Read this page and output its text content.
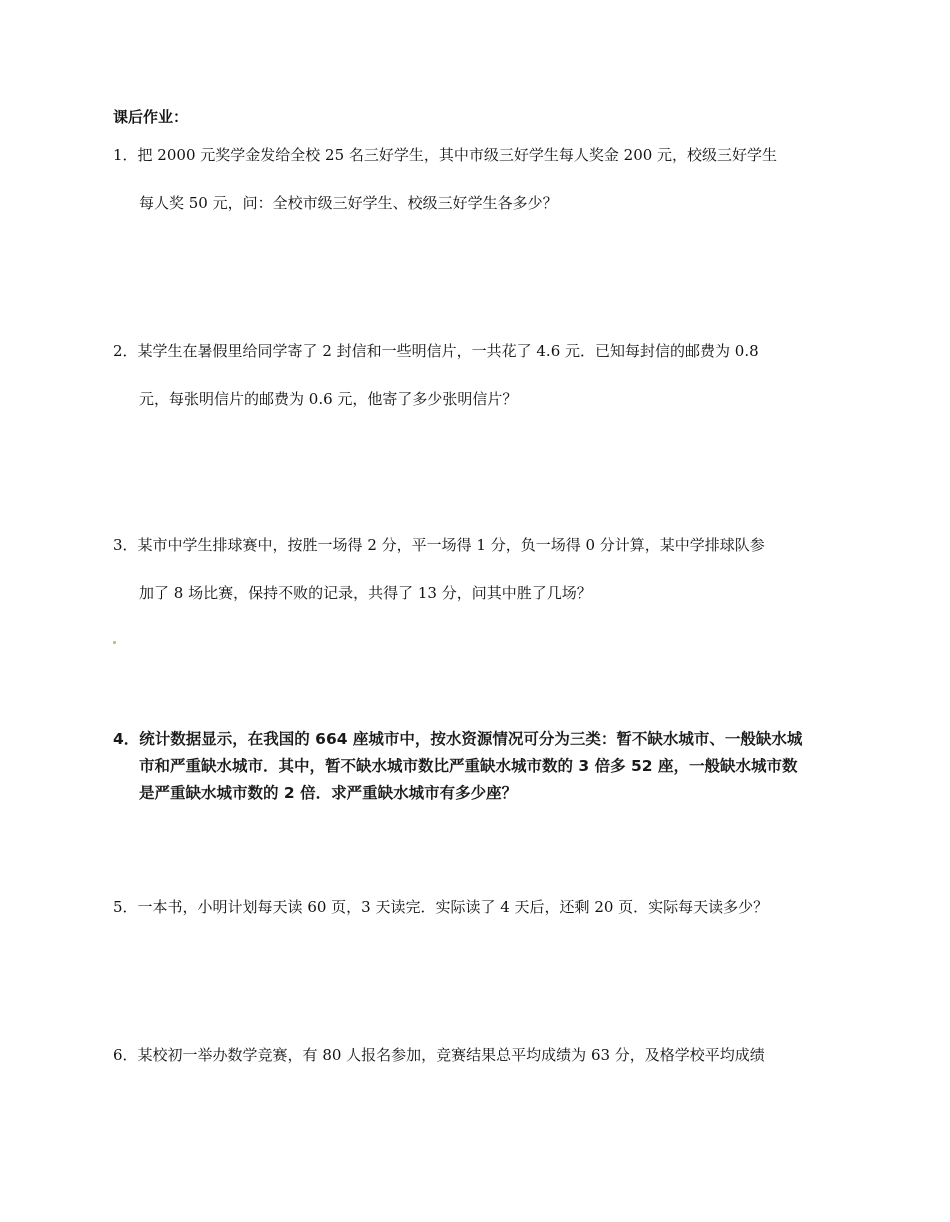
课后作业：
1．把 2000 元奖学金发给全校 25 名三好学生，其中市级三好学生每人奖金 200 元，校级三好学生
每人奖 50 元，问：全校市级三好学生、校级三好学生各多少？
2．某学生在暑假里给同学寄了 2 封信和一些明信片，一共花了 4.6 元．已知每封信的邮费为 0.8
元，每张明信片的邮费为 0.6 元，他寄了多少张明信片？
3．某市中学生排球赛中，按胜一场得 2 分，平一场得 1 分，负一场得 0 分计算，某中学排球队参
加了 8 场比赛，保持不败的记录，共得了 13 分，问其中胜了几场？
4．统计数据显示，在我国的 664 座城市中，按水资源情况可分为三类：暂不缺水城市、一般缺水城
市和严重缺水城市．其中，暂不缺水城市数比严重缺水城市数的 3 倍多 52 座，一般缺水城市数
是严重缺水城市数的 2 倍．求严重缺水城市有多少座？
5．一本书，小明计划每天读 60 页，3 天读完．实际读了 4 天后，还剩 20 页．实际每天读多少？
6．某校初一举办数学竞赛，有 80 人报名参加，竞赛结果总平均成绩为 63 分，及格学校平均成绩
